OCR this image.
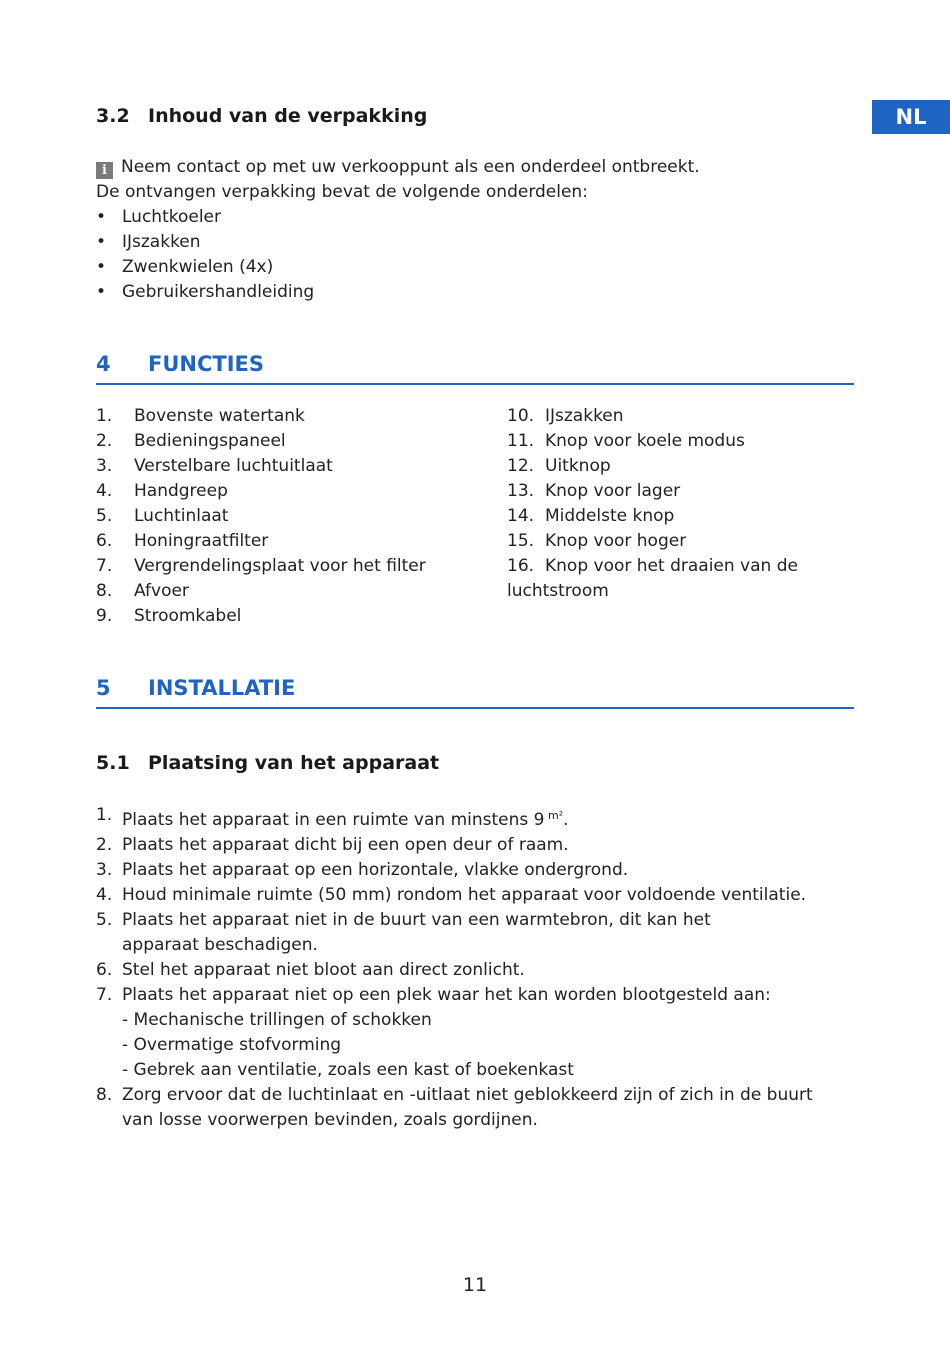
NL
3.2 Inhoud van de verpakking
i Neem contact op met uw verkooppunt als een onderdeel ontbreekt.
De ontvangen verpakking bevat de volgende onderdelen:
• Luchtkoeler
• IJszakken
• Zwenkwielen (4x)
• Gebruikershandleiding
4 FUNCTIES
1.	Bovenste watertank
2.	Bedieningspaneel
3.	Verstelbare luchtuitlaat
4.	Handgreep
5.	Luchtinlaat
6.	Honingraatfilter
7.	Vergrendelingsplaat voor het filter
8.	Afvoer
9.	Stroomkabel
10. IJszakken
11. Knop voor koele modus
12. Uitknop
13. Knop voor lager
14. Middelste knop
15. Knop voor hoger
16. Knop voor het draaien van de
luchtstroom
5 INSTALLATIE
5.1 Plaatsing van het apparaat
1. Plaats het apparaat in een ruimte van minstens 9 $^{m^2}$.
2. Plaats het apparaat dicht bij een open deur of raam.
3. Plaats het apparaat op een horizontale, vlakke ondergrond.
4. Houd minimale ruimte (50 mm) rondom het apparaat voor voldoende ventilatie.
5. Plaats het apparaat niet in de buurt van een warmtebron, dit kan het apparaat beschadigen.
6. Stel het apparaat niet bloot aan direct zonlicht.
7. Plaats het apparaat niet op een plek waar het kan worden blootgesteld aan:
- Mechanische trillingen of schokken
- Overmatige stofvorming
- Gebrek aan ventilatie, zoals een kast of boekenkast
8. Zorg ervoor dat de luchtinlaat en -uitlaat niet geblokkeerd zijn of zich in de buurt van losse voorwerpen bevinden, zoals gordijnen.
11
